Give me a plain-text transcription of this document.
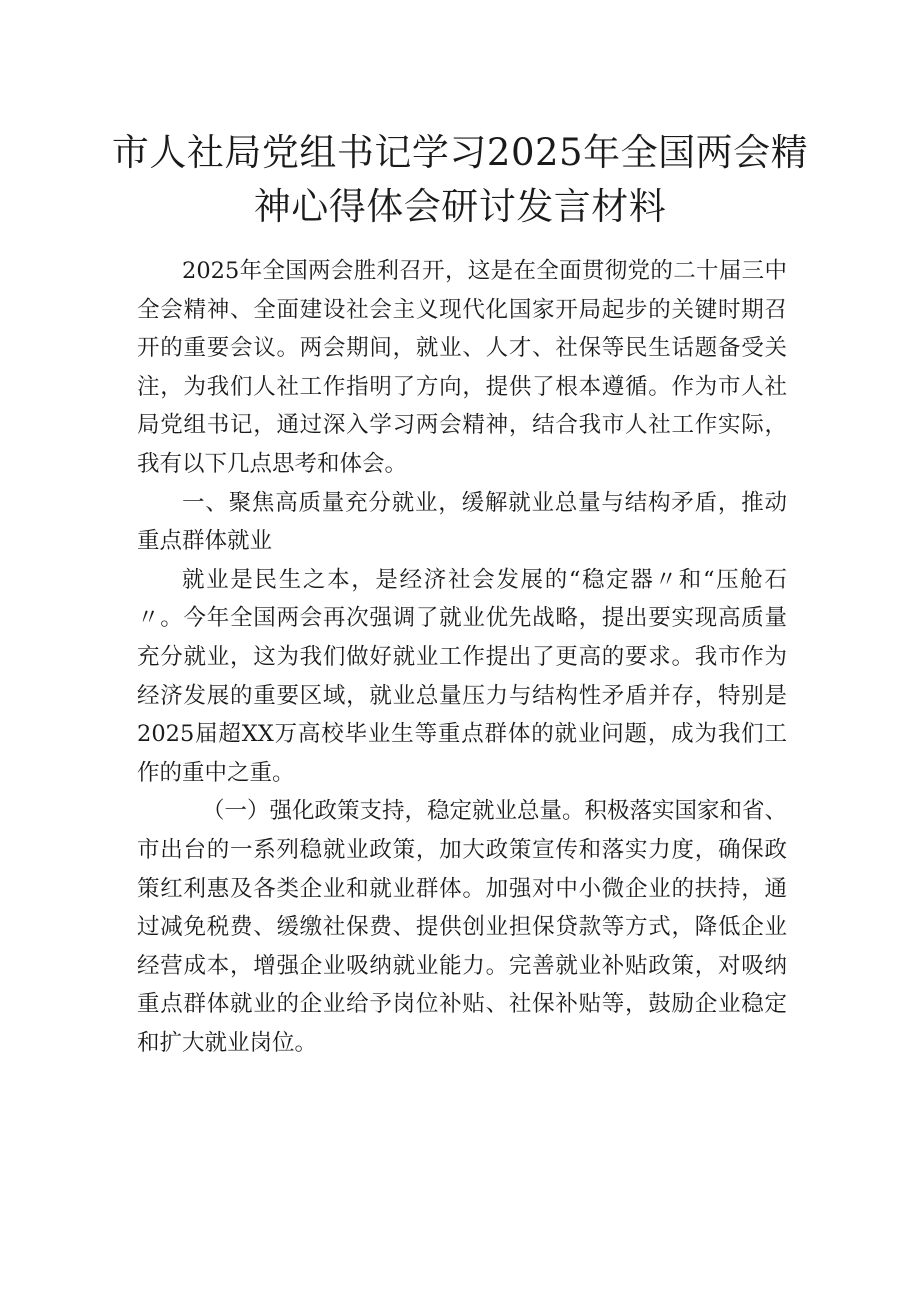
市人社局党组书记学习2025年全国两会精
神心得体会研讨发言材料

2025年全国两会胜利召开，这是在全面贯彻党的二十届三中全会精神、全面建设社会主义现代化国家开局起步的关键时期召开的重要会议。两会期间，就业、人才、社保等民生话题备受关注，为我们人社工作指明了方向，提供了根本遵循。作为市人社局党组书记，通过深入学习两会精神，结合我市人社工作实际，我有以下几点思考和体会。

一、聚焦高质量充分就业，缓解就业总量与结构矛盾，推动重点群体就业

就业是民生之本，是经济社会发展的“稳定器〃和“压舱石〃。今年全国两会再次强调了就业优先战略，提出要实现高质量充分就业，这为我们做好就业工作提出了更高的要求。我市作为经济发展的重要区域，就业总量压力与结构性矛盾并存，特别是2025届超XX万高校毕业生等重点群体的就业问题，成为我们工作的重中之重。

（一）强化政策支持，稳定就业总量。积极落实国家和省、市出台的一系列稳就业政策，加大政策宣传和落实力度，确保政策红利惠及各类企业和就业群体。加强对中小微企业的扶持，通过减免税费、缓缴社保费、提供创业担保贷款等方式，降低企业经营成本，增强企业吸纳就业能力。完善就业补贴政策，对吸纳重点群体就业的企业给予岗位补贴、社保补贴等，鼓励企业稳定和扩大就业岗位。
